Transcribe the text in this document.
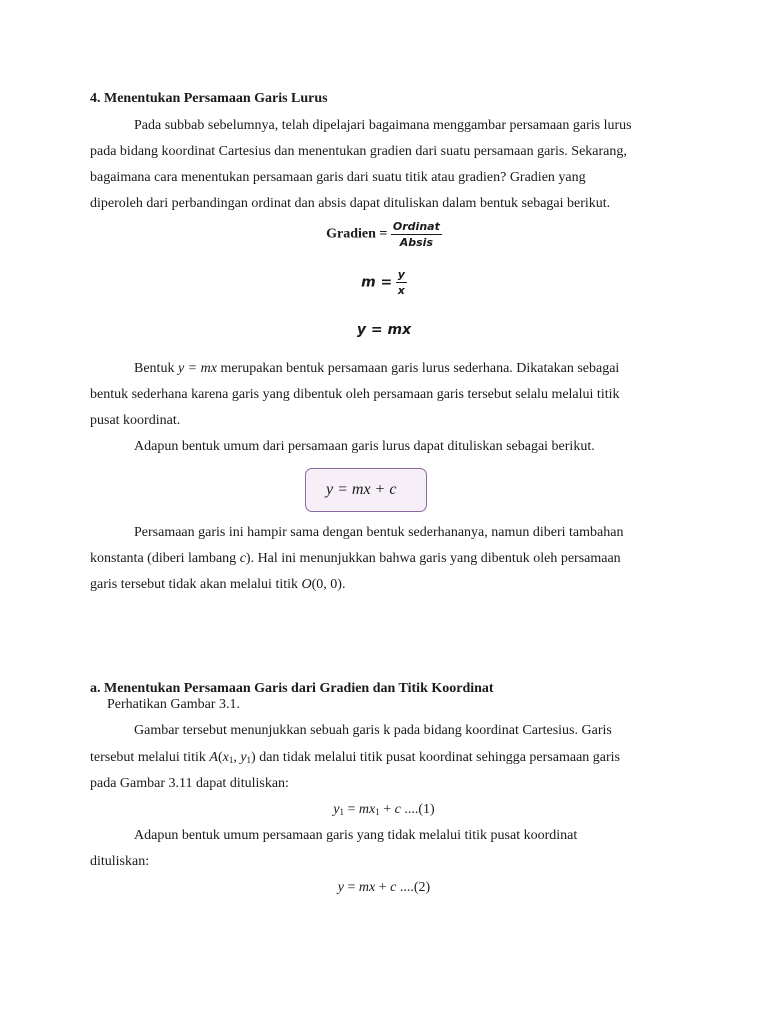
4. Menentukan Persamaan Garis Lurus
Pada subbab sebelumnya, telah dipelajari bagaimana menggambar persamaan garis lurus
pada bidang koordinat Cartesius dan menentukan gradien dari suatu persamaan garis. Sekarang,
bagaimana cara menentukan persamaan garis dari suatu titik atau gradien? Gradien yang
diperoleh dari perbandingan ordinat dan absis dapat dituliskan dalam bentuk sebagai berikut.
Gradien = $\frac{\text{Ordinat}}{\text{Absis}}$
$m = \frac{y}{x}$
y = mx
Bentuk y = mx merupakan bentuk persamaan garis lurus sederhana. Dikatakan sebagai
bentuk sederhana karena garis yang dibentuk oleh persamaan garis tersebut selalu melalui titik
pusat koordinat.
Adapun bentuk umum dari persamaan garis lurus dapat dituliskan sebagai berikut.
y = mx + c
Persamaan garis ini hampir sama dengan bentuk sederhananya, namun diberi tambahan
konstanta (diberi lambang c). Hal ini menunjukkan bahwa garis yang dibentuk oleh persamaan
garis tersebut tidak akan melalui titik O(0, 0).
a. Menentukan Persamaan Garis dari Gradien dan Titik Koordinat
Perhatikan Gambar 3.1.
Gambar tersebut menunjukkan sebuah garis k pada bidang koordinat Cartesius. Garis
tersebut melalui titik $A(x_1$, $y_1$) dan tidak melalui titik pusat koordinat sehingga persamaan garis
pada Gambar 3.11 dapat dituliskan:
$y_1 = mx_1 + c$ ....(1)
Adapun bentuk umum persamaan garis yang tidak melalui titik pusat koordinat
dituliskan:
y = mx + c ....(2)
